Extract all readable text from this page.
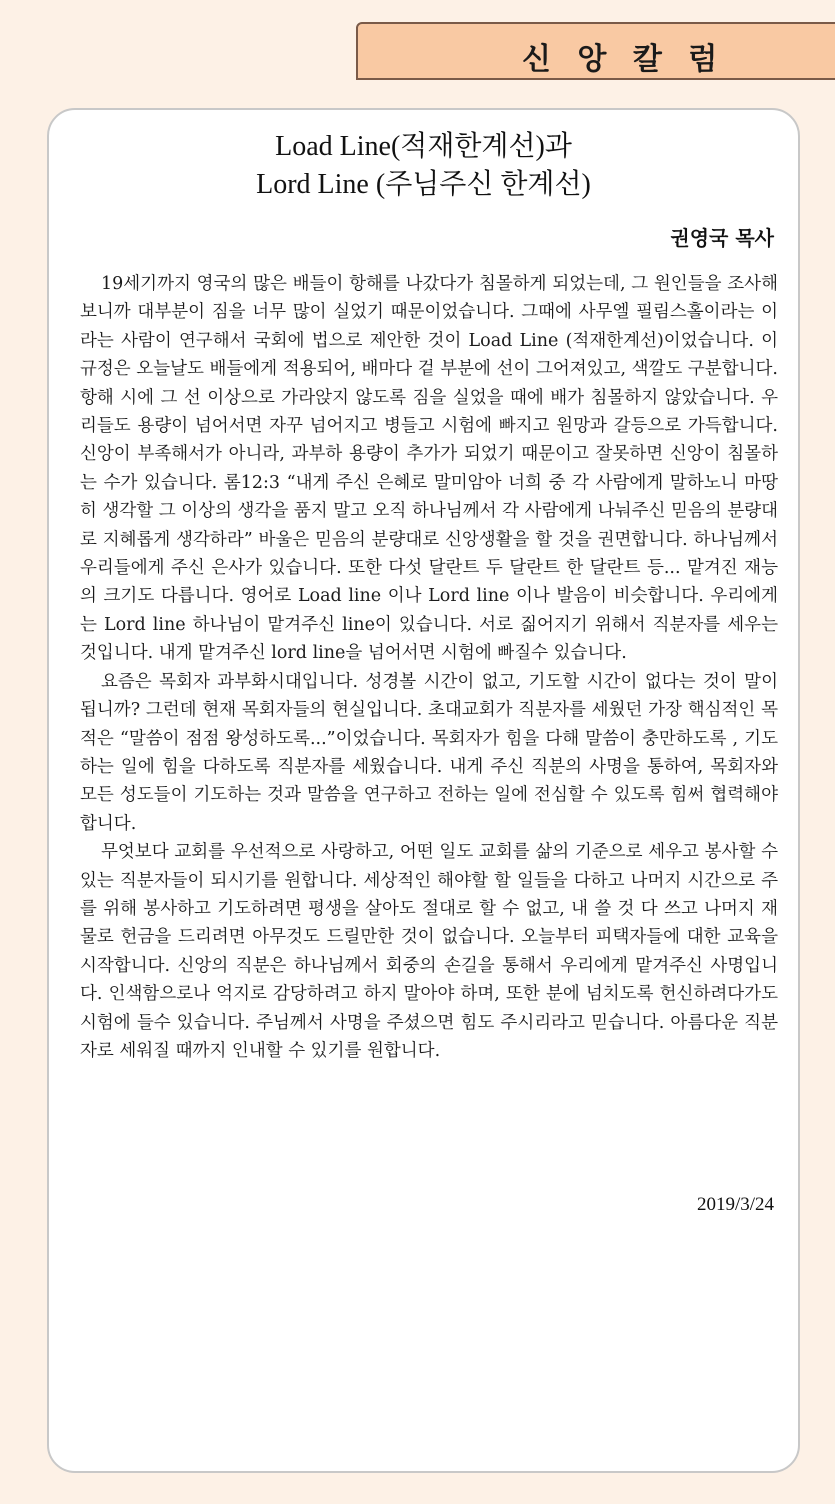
신 앙 칼 럼
Load Line(적재한계선)과
Lord Line (주님주신 한계선)
권영국 목사

19세기까지 영국의 많은 배들이 항해를 나갔다가 침몰하게 되었는데, 그 원인들을 조사해보니까 대부분이 짐을 너무 많이 실었기 때문이었습니다. 그때에 사무엘 필림스홀이라는 이라는 사람이 연구해서 국회에 법으로 제안한 것이 Load Line (적재한계선)이었습니다. 이 규정은 오늘날도 배들에게 적용되어, 배마다 겉 부분에 선이 그어져있고, 색깔도 구분합니다. 항해 시에 그 선 이상으로 가라앉지 않도록 짐을 실었을 때에 배가 침몰하지 않았습니다. 우리들도 용량이 넘어서면 자꾸 넘어지고 병들고 시험에 빠지고 원망과 갈등으로 가득합니다. 신앙이 부족해서가 아니라, 과부하 용량이 추가가 되었기 때문이고 잘못하면 신앙이 침몰하는 수가 있습니다. 롬12:3 “내게 주신 은혜로 말미암아 너희 중 각 사람에게 말하노니 마땅히 생각할 그 이상의 생각을 품지 말고 오직 하나님께서 각 사람에게 나눠주신 믿음의 분량대로 지혜롭게 생각하라” 바울은 믿음의 분량대로 신앙생활을 할 것을 권면합니다. 하나님께서 우리들에게 주신 은사가 있습니다. 또한 다섯 달란트 두 달란트 한 달란트 등... 맡겨진 재능의 크기도 다릅니다. 영어로 Load line 이나 Lord line 이나 발음이 비슷합니다. 우리에게는 Lord line 하나님이 맡겨주신 line이 있습니다. 서로 짊어지기 위해서 직분자를 세우는 것입니다. 내게 맡겨주신 lord line을 넘어서면 시험에 빠질수 있습니다.

요즘은 목회자 과부화시대입니다. 성경볼 시간이 없고, 기도할 시간이 없다는 것이 말이 됩니까? 그런데 현재 목회자들의 현실입니다. 초대교회가 직분자를 세웠던 가장 핵심적인 목적은 “말씀이 점점 왕성하도록...”이었습니다. 목회자가 힘을 다해 말씀이 충만하도록 , 기도하는 일에 힘을 다하도록 직분자를 세웠습니다. 내게 주신 직분의 사명을 통하여, 목회자와 모든 성도들이 기도하는 것과 말씀을 연구하고 전하는 일에 전심할 수 있도록 힘써 협력해야 합니다.

무엇보다 교회를 우선적으로 사랑하고, 어떤 일도 교회를 삶의 기준으로 세우고 봉사할 수 있는 직분자들이 되시기를 원합니다. 세상적인 해야할 할 일들을 다하고 나머지 시간으로 주를 위해 봉사하고 기도하려면 평생을 살아도 절대로 할 수 없고, 내 쓸 것 다 쓰고 나머지 재물로 헌금을 드리려면 아무것도 드릴만한 것이 없습니다. 오늘부터 피택자들에 대한 교육을 시작합니다. 신앙의 직분은 하나님께서 회중의 손길을 통해서 우리에게 맡겨주신 사명입니다. 인색함으로나 억지로 감당하려고 하지 말아야 하며, 또한 분에 넘치도록 헌신하려다가도 시험에 들수 있습니다. 주님께서 사명을 주셨으면 힘도 주시리라고 믿습니다. 아름다운 직분자로 세워질 때까지 인내할 수 있기를 원합니다.

2019/3/24
